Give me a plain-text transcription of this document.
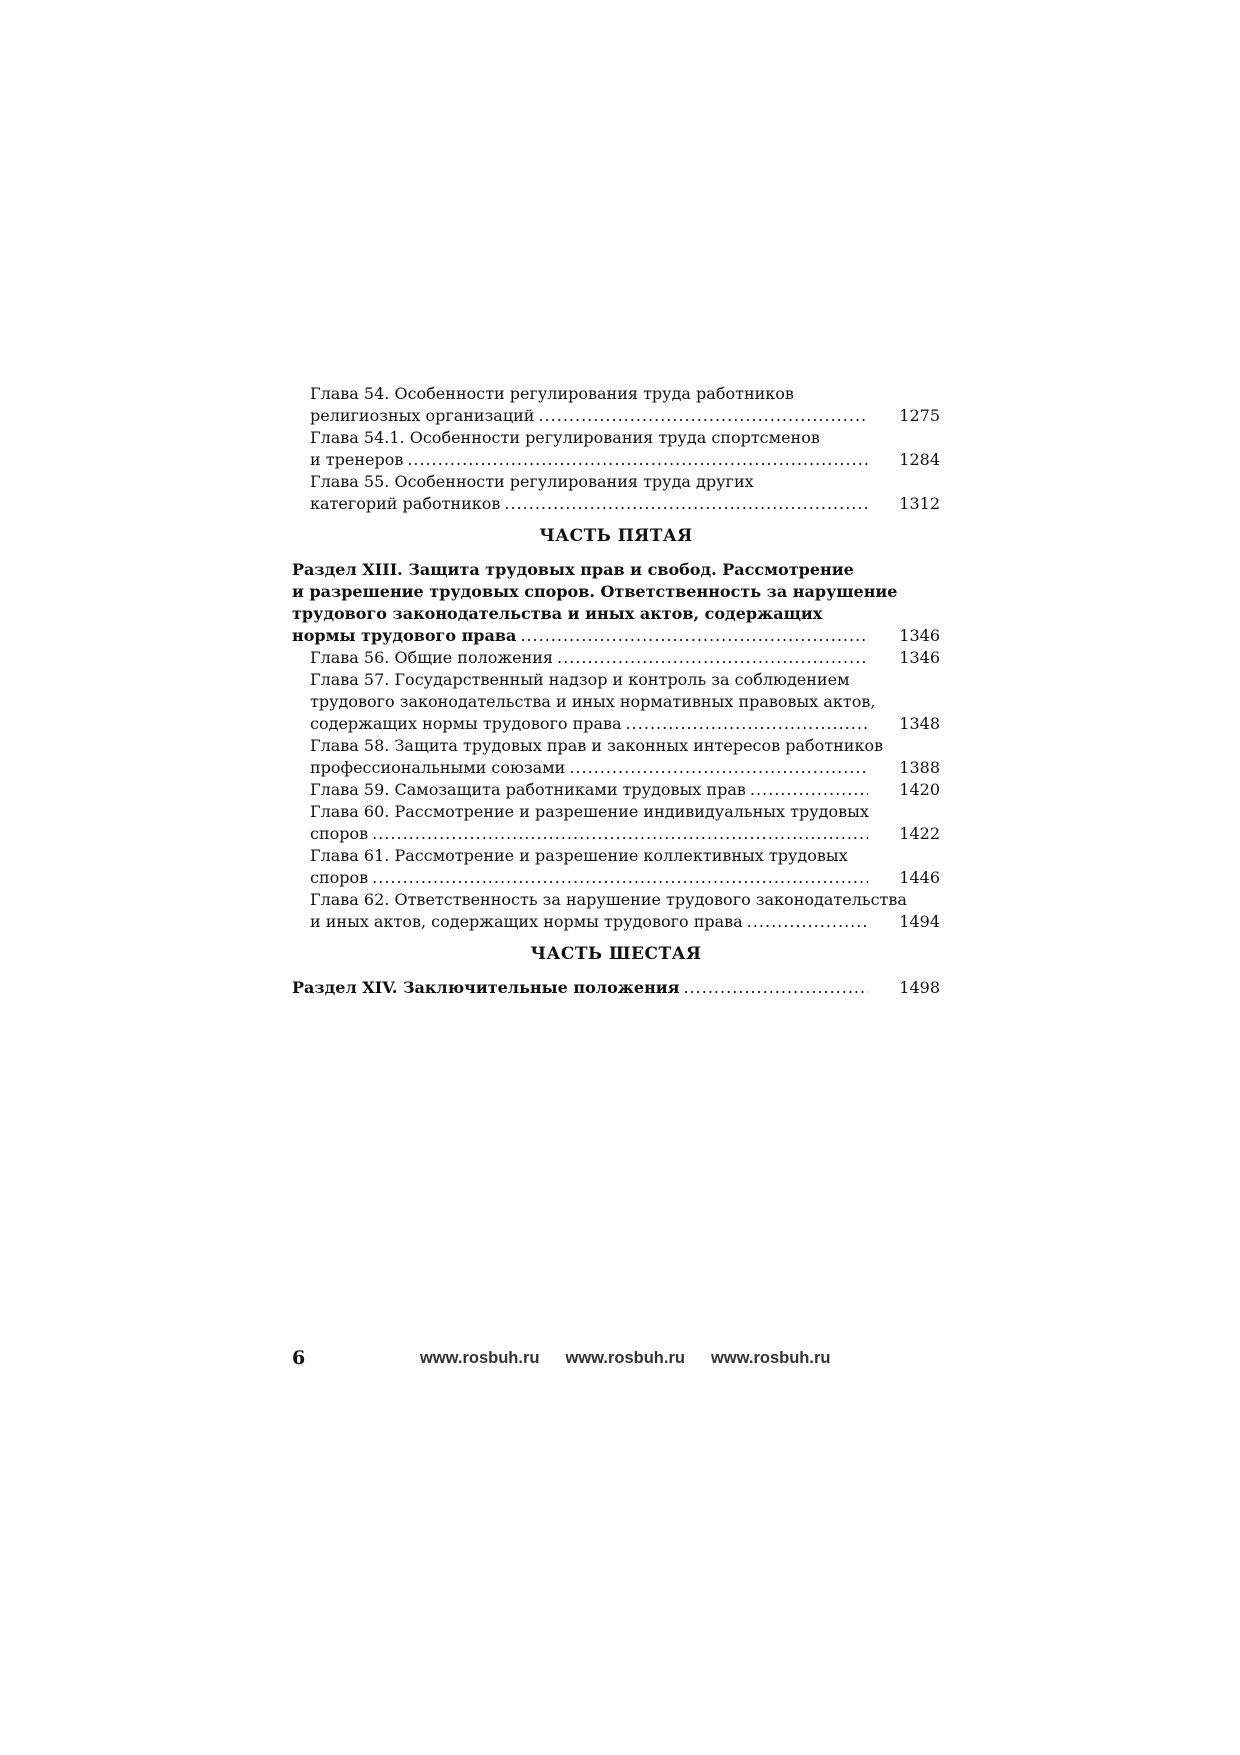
Глава 54. Особенности регулирования труда работников
религиозных организаций .....	1275
Глава 54.1. Особенности регулирования труда спортсменов
и тренеров .....	1284
Глава 55. Особенности регулирования труда других
категорий работников .....	1312
ЧАСТЬ ПЯТАЯ
Раздел XIII. Защита трудовых прав и свобод. Рассмотрение
и разрешение трудовых споров. Ответственность за нарушение
трудового законодательства и иных актов, содержащих
нормы трудового права .....	1346
Глава 56. Общие положения .....	1346
Глава 57. Государственный надзор и контроль за соблюдением
трудового законодательства и иных нормативных правовых актов,
содержащих нормы трудового права .....	1348
Глава 58. Защита трудовых прав и законных интересов работников
профессиональными союзами .....	1388
Глава 59. Самозащита работниками трудовых прав .....	1420
Глава 60. Рассмотрение и разрешение индивидуальных трудовых
споров .....	1422
Глава 61. Рассмотрение и разрешение коллективных трудовых
споров .....	1446
Глава 62. Ответственность за нарушение трудового законодательства
и иных актов, содержащих нормы трудового права .....	1494
ЧАСТЬ ШЕСТАЯ
Раздел XIV. Заключительные положения .....	1498
6	www.rosbuh.ru www.rosbuh.ru www.rosbuh.ru
